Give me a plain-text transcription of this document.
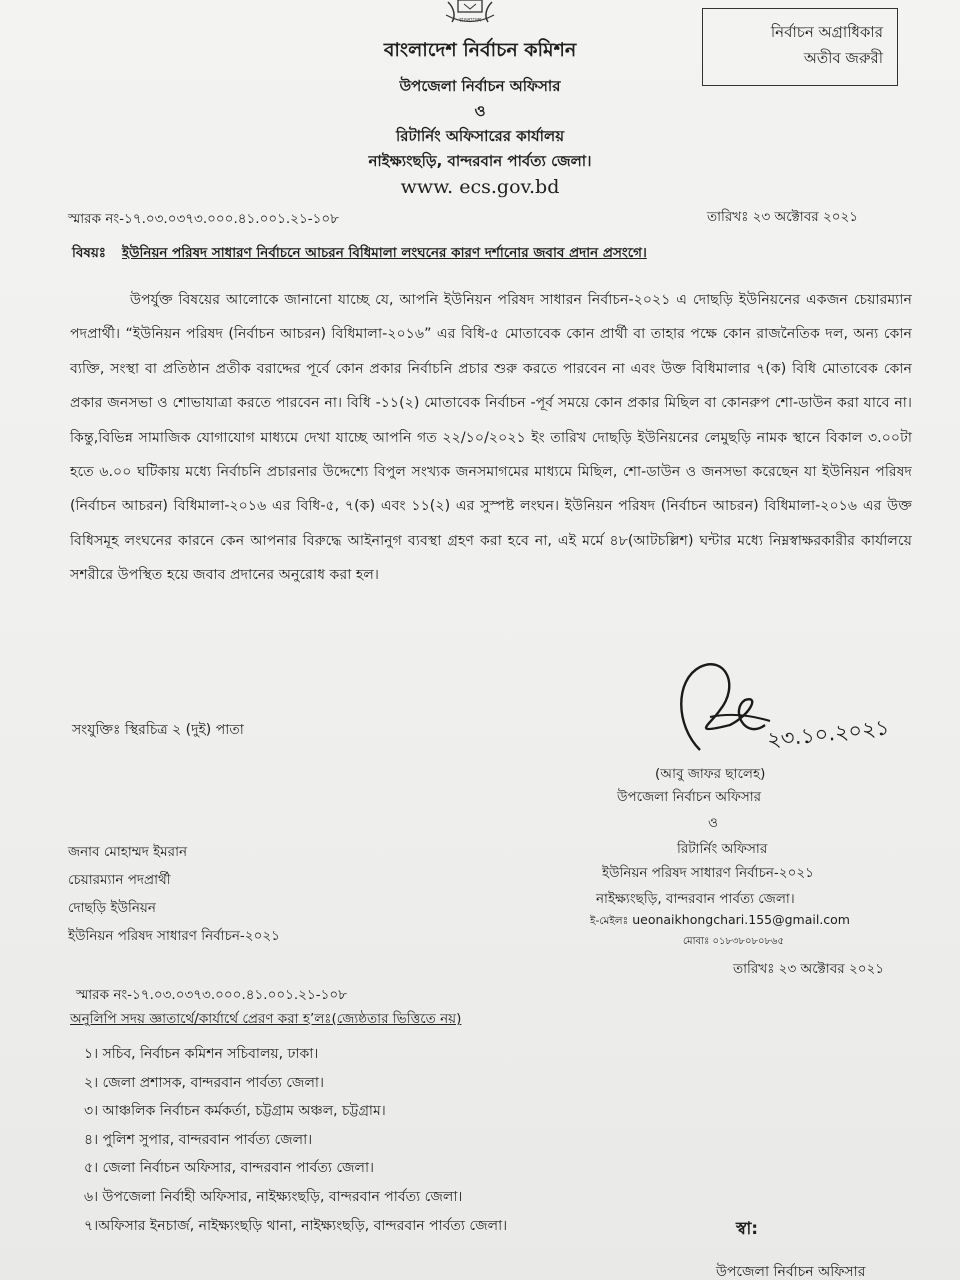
বাংলাদেশ
বাংলাদেশ নির্বাচন কমিশন
উপজেলা নির্বাচন অফিসার
ও
রিটার্নিং অফিসারের কার্যালয়
নাইক্ষ্যংছড়ি, বান্দরবান পার্বত্য জেলা।
www. ecs.gov.bd
নির্বাচন অগ্রাধিকার
অতীব জরুরী
স্মারক নং-১৭.০৩.০৩৭৩.০০০.৪১.০০১.২১-১০৮	তারিখঃ ২৩ অক্টোবর ২০২১
বিষয়ঃ ইউনিয়ন পরিষদ সাধারণ নির্বাচনে আচরন বিধিমালা লংঘনের কারণ দর্শানোর জবাব প্রদান প্রসংগে।

উপর্যুক্ত বিষয়ের আলোকে জানানো যাচ্ছে যে, আপনি ইউনিয়ন পরিষদ সাধারন নির্বাচন-২০২১ এ দোছড়ি ইউনিয়নের একজন চেয়ারম্যান পদপ্রার্থী। “ইউনিয়ন পরিষদ (নির্বাচন আচরন) বিধিমালা-২০১৬” এর বিধি-৫ মোতাবেক কোন প্রার্থী বা তাহার পক্ষে কোন রাজনৈতিক দল, অন্য কোন ব্যক্তি, সংস্থা বা প্রতিষ্ঠান প্রতীক বরাদ্দের পূর্বে কোন প্রকার নির্বাচনি প্রচার শুরু করতে পারবেন না এবং উক্ত বিধিমালার ৭(ক) বিধি মোতাবেক কোন প্রকার জনসভা ও শোভাযাত্রা করতে পারবেন না। বিধি -১১(২) মোতাবেক নির্বাচন -পূর্ব সময়ে কোন প্রকার মিছিল বা কোনরুপ শো-ডাউন করা যাবে না। কিন্তু,বিভিন্ন সামাজিক যোগাযোগ মাধ্যমে দেখা যাচ্ছে আপনি গত ২২/১০/২০২১ ইং তারিখ দোছড়ি ইউনিয়নের লেমুছড়ি নামক স্থানে বিকাল ৩.০০টা হতে ৬.০০ ঘটিকায় মধ্যে নির্বাচনি প্রচারনার উদ্দেশ্যে বিপুল সংখ্যক জনসমাগমের মাধ্যমে মিছিল, শো-ডাউন ও জনসভা করেছেন যা ইউনিয়ন পরিষদ (নির্বাচন আচরন) বিধিমালা-২০১৬ এর বিধি-৫, ৭(ক) এবং ১১(২) এর সুস্পষ্ট লংঘন। ইউনিয়ন পরিষদ (নির্বাচন আচরন) বিধিমালা-২০১৬ এর উক্ত বিধিসমূহ লংঘনের কারনে কেন আপনার বিরুদ্ধে আইনানুগ ব্যবস্থা গ্রহণ করা হবে না, এই মর্মে ৪৮(আটচল্লিশ) ঘন্টার মধ্যে নিম্নস্বাক্ষরকারীর কার্যালয়ে সশরীরে উপস্থিত হয়ে জবাব প্রদানের অনুরোধ করা হল।

সংযুক্তিঃ স্থিরচিত্র ২ (দুই) পাতা	২৩.১০.২০২১
(আবু জাফর ছালেহ)
উপজেলা নির্বাচন অফিসার
ও
রিটার্নিং অফিসার
ইউনিয়ন পরিষদ সাধারণ নির্বাচন-২০২১
নাইক্ষ্যংছড়ি, বান্দরবান পার্বত্য জেলা।
ই-মেইলঃ ueonaikhongchari.155@gmail.com
মোবাঃ ০১৮৩৮০৮০৮৬৫
জনাব মোহাম্মদ ইমরান
চেয়ারম্যান পদপ্রার্থী
দোছড়ি ইউনিয়ন
ইউনিয়ন পরিষদ সাধারণ নির্বাচন-২০২১
তারিখঃ ২৩ অক্টোবর ২০২১
স্মারক নং-১৭.০৩.০৩৭৩.০০০.৪১.০০১.২১-১০৮
অনুলিপি সদয় জ্ঞাতার্থে/কার্যার্থে প্রেরণ করা হ’লঃ(জ্যেষ্ঠতার ভিত্তিতে নয়)
১। সচিব, নির্বাচন কমিশন সচিবালয়, ঢাকা।
২। জেলা প্রশাসক, বান্দরবান পার্বত্য জেলা।
৩। আঞ্চলিক নির্বাচন কর্মকর্তা, চট্টগ্রাম অঞ্চল, চট্টগ্রাম।
৪। পুলিশ সুপার, বান্দরবান পার্বত্য জেলা।
৫। জেলা নির্বাচন অফিসার, বান্দরবান পার্বত্য জেলা।
৬। উপজেলা নির্বাহী অফিসার, নাইক্ষ্যংছড়ি, বান্দরবান পার্বত্য জেলা।
৭।অফিসার ইনচার্জ, নাইক্ষ্যংছড়ি থানা, নাইক্ষ্যংছড়ি, বান্দরবান পার্বত্য জেলা।	স্বা:
উপজেলা নির্বাচন অফিসার
